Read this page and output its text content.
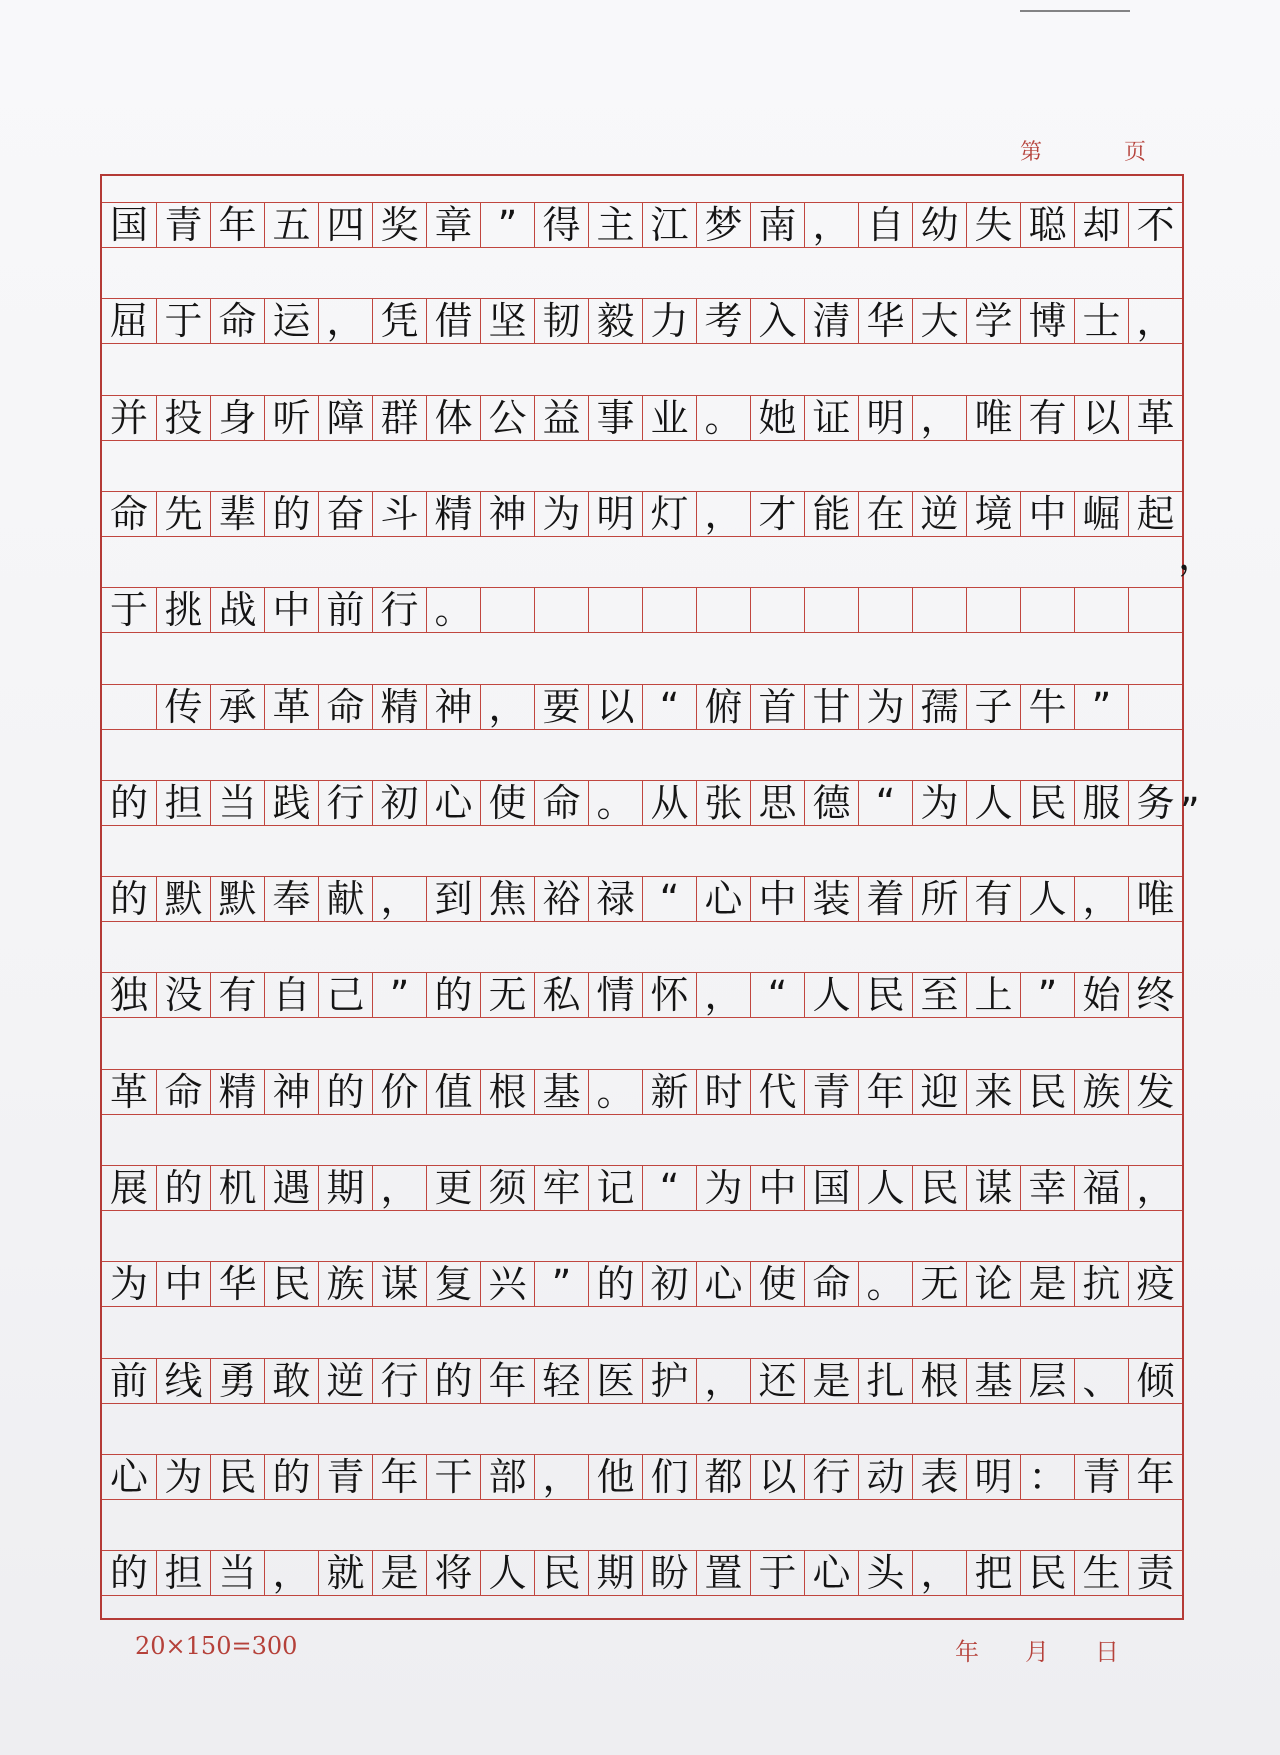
第	页
国 青 年 五 四 奖 章 ” 得 主 江 梦 南 ， 自 幼 失 聪 却 不
屈 于 命 运 ， 凭 借 坚 韧 毅 力 考 入 清 华 大 学 博 士 ，
并 投 身 听 障 群 体 公 益 事 业 。 她 证 明 ， 唯 有 以 革
命 先 辈 的 奋 斗 精 神 为 明 灯 ， 才 能 在 逆 境 中 崛 起
于 挑 战 中 前 行 。
传 承 革 命 精 神 ， 要 以 “ 俯 首 甘 为 孺 子 牛 ”
的 担 当 践 行 初 心 使 命 。 从 张 思 德 “ 为 人 民 服 务
的 默 默 奉 献 ， 到 焦 裕 禄 “ 心 中 装 着 所 有 人 ， 唯
独 没 有 自 己 ” 的 无 私 情 怀 ， “ 人 民 至 上 ” 始 终
革 命 精 神 的 价 值 根 基 。 新 时 代 青 年 迎 来 民 族 发
展 的 机 遇 期 ， 更 须 牢 记 “ 为 中 国 人 民 谋 幸 福 ，
为 中 华 民 族 谋 复 兴 ” 的 初 心 使 命 。 无 论 是 抗 疫
前 线 勇 敢 逆 行 的 年 轻 医 护 ， 还 是 扎 根 基 层 、 倾
心 为 民 的 青 年 干 部 ， 他 们 都 以 行 动 表 明 ： 青 年
的 担 当 ， 就 是 将 人 民 期 盼 置 于 心 头 ， 把 民 生 责
，
”
20×150=300	年 月 日
